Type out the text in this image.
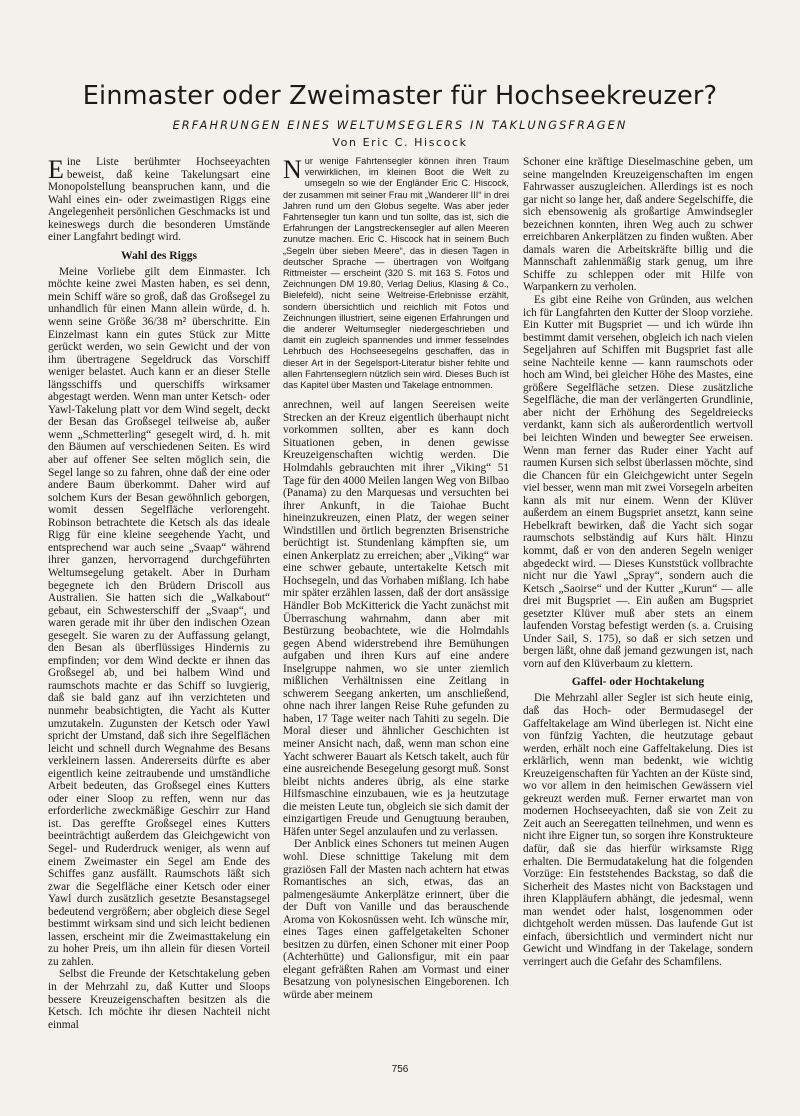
Einmaster oder Zweimaster für Hochseekreuzer?
ERFAHRUNGEN EINES WELTUMSEGLERS IN TAKLUNGSFRAGEN
Von Eric C. Hiscock

Eine Liste berühmter Hochseeyachten beweist, daß keine Takelungsart eine Monopolstellung beanspruchen kann, und die Wahl eines ein- oder zweimastigen Riggs eine Angelegenheit persönlichen Geschmacks ist und keineswegs durch die besonderen Umstände einer Langfahrt bedingt wird.

Wahl des Riggs

Meine Vorliebe gilt dem Einmaster. Ich möchte keine zwei Masten haben, es sei denn, mein Schiff wäre so groß, daß das Großsegel zu unhandlich für einen Mann allein würde, d. h. wenn seine Größe 36/38 m² überschritte. Ein Einzelmast kann ein gutes Stück zur Mitte gerückt werden, wo sein Gewicht und der von ihm übertragene Segeldruck das Vorschiff weniger belastet. Auch kann er an dieser Stelle längsschiffs und querschiffs wirksamer abgestagt werden. Wenn man unter Ketsch- oder Yawl-Takelung platt vor dem Wind segelt, deckt der Besan das Großsegel teilweise ab, außer wenn „Schmetterling“ gesegelt wird, d. h. mit den Bäumen auf verschiedenen Seiten. Es wird aber auf offener See selten möglich sein, die Segel lange so zu fahren, ohne daß der eine oder andere Baum überkommt. Daher wird auf solchem Kurs der Besan gewöhnlich geborgen, womit dessen Segelfläche verlorengeht. Robinson betrachtete die Ketsch als das ideale Rigg für eine kleine seegehende Yacht, und entsprechend war auch seine „Svaap“ während ihrer ganzen, hervorragend durchgeführten Weltumsegelung getakelt. Aber in Durham begegnete ich den Brüdern Driscoll aus Australien. Sie hatten sich die „Walkabout“ gebaut, ein Schwesterschiff der „Svaap“, und waren gerade mit ihr über den indischen Ozean gesegelt. Sie waren zu der Auffassung gelangt, den Besan als überflüssiges Hindernis zu empfinden; vor dem Wind deckte er ihnen das Großsegel ab, und bei halbem Wind und raumschots machte er das Schiff so luvgierig, daß sie bald ganz auf ihn verzichteten und nunmehr beabsichtigten, die Yacht als Kutter umzutakeln. Zugunsten der Ketsch oder Yawl spricht der Umstand, daß sich ihre Segelflächen leicht und schnell durch Wegnahme des Besans verkleinern lassen. Andererseits dürfte es aber eigentlich keine zeitraubende und umständliche Arbeit bedeuten, das Großsegel eines Kutters oder einer Sloop zu reffen, wenn nur das erforderliche zweckmäßige Geschirr zur Hand ist. Das gereffte Großsegel eines Kutters beeinträchtigt außerdem das Gleichgewicht von Segel- und Ruderdruck weniger, als wenn auf einem Zweimaster ein Segel am Ende des Schiffes ganz ausfällt. Raumschots läßt sich zwar die Segelfläche einer Ketsch oder einer Yawl durch zusätzlich gesetzte Besanstagsegel bedeutend vergrößern; aber obgleich diese Segel bestimmt wirksam sind und sich leicht bedienen lassen, erscheint mir die Zweimasttakelung ein zu hoher Preis, um ihn allein für diesen Vorteil zu zahlen.

Selbst die Freunde der Ketschtakelung geben in der Mehrzahl zu, daß Kutter und Sloops bessere Kreuzeigenschaften besitzen als die Ketsch. Ich möchte ihr diesen Nachteil nicht einmal

Nur wenige Fahrtensegler können ihren Traum verwirklichen, im kleinen Boot die Welt zu umsegeln so wie der Engländer Eric C. Hiscock, der zusammen mit seiner Frau mit „Wanderer III“ in drei Jahren rund um den Globus segelte. Was aber jeder Fahrtensegler tun kann und tun sollte, das ist, sich die Erfahrungen der Langstreckensegler auf allen Meeren zunutze machen. Eric C. Hiscock hat in seinem Buch „Segeln über sieben Meere“, das in diesen Tagen in deutscher Sprache — übertragen von Wolfgang Rittmeister — erscheint (320 S. mit 163 S. Fotos und Zeichnungen DM 19.80, Verlag Delius, Klasing & Co., Bielefeld), nicht seine Weltreise-Erlebnisse erzählt, sondern übersichtlich und reichlich mit Fotos und Zeichnungen illustriert, seine eigenen Erfahrungen und die anderer Weltumsegler niedergeschrieben und damit ein zugleich spannendes und immer fesselndes Lehrbuch des Hochseesegelns geschaffen, das in dieser Art in der Segelsport-Literatur bisher fehlte und allen Fahrtenseglern nützlich sein wird. Dieses Buch ist das Kapitel über Masten und Takelage entnommen.

anrechnen, weil auf langen Seereisen weite Strecken an der Kreuz eigentlich überhaupt nicht vorkommen sollten, aber es kann doch Situationen geben, in denen gewisse Kreuzeigenschaften wichtig werden. Die Holmdahls gebrauchten mit ihrer „Viking“ 51 Tage für den 4000 Meilen langen Weg von Bilbao (Panama) zu den Marquesas und versuchten bei ihrer Ankunft, in die Taiohae Bucht hineinzukreuzen, einen Platz, der wegen seiner Windstillen und örtlich begrenzten Brisenstriche berüchtigt ist. Stundenlang kämpften sie, um einen Ankerplatz zu erreichen; aber „Viking“ war eine schwer gebaute, untertakelte Ketsch mit Hochsegeln, und das Vorhaben mißlang. Ich habe mir später erzählen lassen, daß der dort ansässige Händler Bob McKitterick die Yacht zunächst mit Überraschung wahrnahm, dann aber mit Bestürzung beobachtete, wie die Holmdahls gegen Abend widerstrebend ihre Bemühungen aufgaben und ihren Kurs auf eine andere Inselgruppe nahmen, wo sie unter ziemlich mißlichen Verhältnissen eine Zeitlang in schwerem Seegang ankerten, um anschließend, ohne nach ihrer langen Reise Ruhe gefunden zu haben, 17 Tage weiter nach Tahiti zu segeln. Die Moral dieser und ähnlicher Geschichten ist meiner Ansicht nach, daß, wenn man schon eine Yacht schwerer Bauart als Ketsch takelt, auch für eine ausreichende Besegelung gesorgt muß. Sonst bleibt nichts anderes übrig, als eine starke Hilfsmaschine einzubauen, wie es ja heutzutage die meisten Leute tun, obgleich sie sich damit der einzigartigen Freude und Genugtuung berauben, Häfen unter Segel anzulaufen und zu verlassen.

Der Anblick eines Schoners tut meinen Augen wohl. Diese schnittige Takelung mit dem graziösen Fall der Masten nach achtern hat etwas Romantisches an sich, etwas, das an palmengesäumte Ankerplätze erinnert, über die der Duft von Vanille und das berauschende Aroma von Kokosnüssen weht. Ich wünsche mir, eines Tages einen gaffelgetakelten Schoner besitzen zu dürfen, einen Schoner mit einer Poop (Achterhütte) und Galionsfigur, mit ein paar elegant gefräßten Rahen am Vormast und einer Besatzung von polynesischen Eingeborenen. Ich würde aber meinem

Schoner eine kräftige Dieselmaschine geben, um seine mangelnden Kreuzeigenschaften im engen Fahrwasser auszugleichen. Allerdings ist es noch gar nicht so lange her, daß andere Segelschiffe, die sich ebensowenig als großartige Amwindsegler bezeichnen konnten, ihren Weg auch zu schwer erreichbaren Ankerplätzen zu finden wußten. Aber damals waren die Arbeitskräfte billig und die Mannschaft zahlenmäßig stark genug, um ihre Schiffe zu schleppen oder mit Hilfe von Warpankern zu verholen.

Es gibt eine Reihe von Gründen, aus welchen ich für Langfahrten den Kutter der Sloop vorziehe. Ein Kutter mit Bugspriet — und ich würde ihn bestimmt damit versehen, obgleich ich nach vielen Segeljahren auf Schiffen mit Bugspriet fast alle seine Nachteile kenne — kann raumschots oder hoch am Wind, bei gleicher Höhe des Mastes, eine größere Segelfläche setzen. Diese zusätzliche Segelfläche, die man der verlängerten Grundlinie, aber nicht der Erhöhung des Segeldreiecks verdankt, kann sich als außerordentlich wertvoll bei leichten Winden und bewegter See erweisen. Wenn man ferner das Ruder einer Yacht auf raumen Kursen sich selbst überlassen möchte, sind die Chancen für ein Gleichgewicht unter Segeln viel besser, wenn man mit zwei Vorsegeln arbeiten kann als mit nur einem. Wenn der Klüver außerdem an einem Bugspriet ansetzt, kann seine Hebelkraft bewirken, daß die Yacht sich sogar raumschots selbständig auf Kurs hält. Hinzu kommt, daß er von den anderen Segeln weniger abgedeckt wird. — Dieses Kunststück vollbrachte nicht nur die Yawl „Spray“, sondern auch die Ketsch „Saoirse“ und der Kutter „Kurun“ — alle drei mit Bugspriet —. Ein außen am Bugspriet gesetzter Klüver muß aber stets an einem laufenden Vorstag befestigt werden (s. a. Cruising Under Sail, S. 175), so daß er sich setzen und bergen läßt, ohne daß jemand gezwungen ist, nach vorn auf den Klüverbaum zu klettern.

Gaffel- oder Hochtakelung

Die Mehrzahl aller Segler ist sich heute einig, daß das Hoch- oder Bermudasegel der Gaffeltakelage am Wind überlegen ist. Nicht eine von fünfzig Yachten, die heutzutage gebaut werden, erhält noch eine Gaffeltakelung. Dies ist erklärlich, wenn man bedenkt, wie wichtig Kreuzeigenschaften für Yachten an der Küste sind, wo vor allem in den heimischen Gewässern viel gekreuzt werden muß. Ferner erwartet man von modernen Hochseeyachten, daß sie von Zeit zu Zeit auch an Seeregatten teilnehmen, und wenn es nicht ihre Eigner tun, so sorgen ihre Konstrukteure dafür, daß sie das hierfür wirksamste Rigg erhalten. Die Bermudatakelung hat die folgenden Vorzüge: Ein feststehendes Backstag, so daß die Sicherheit des Mastes nicht von Backstagen und ihren Klappläufern abhängt, die jedesmal, wenn man wendet oder halst, losgenommen oder dichtgeholt werden müssen. Das laufende Gut ist einfach, übersichtlich und vermindert nicht nur Gewicht und Windfang in der Takelage, sondern verringert auch die Gefahr des Schamfilens.

756
